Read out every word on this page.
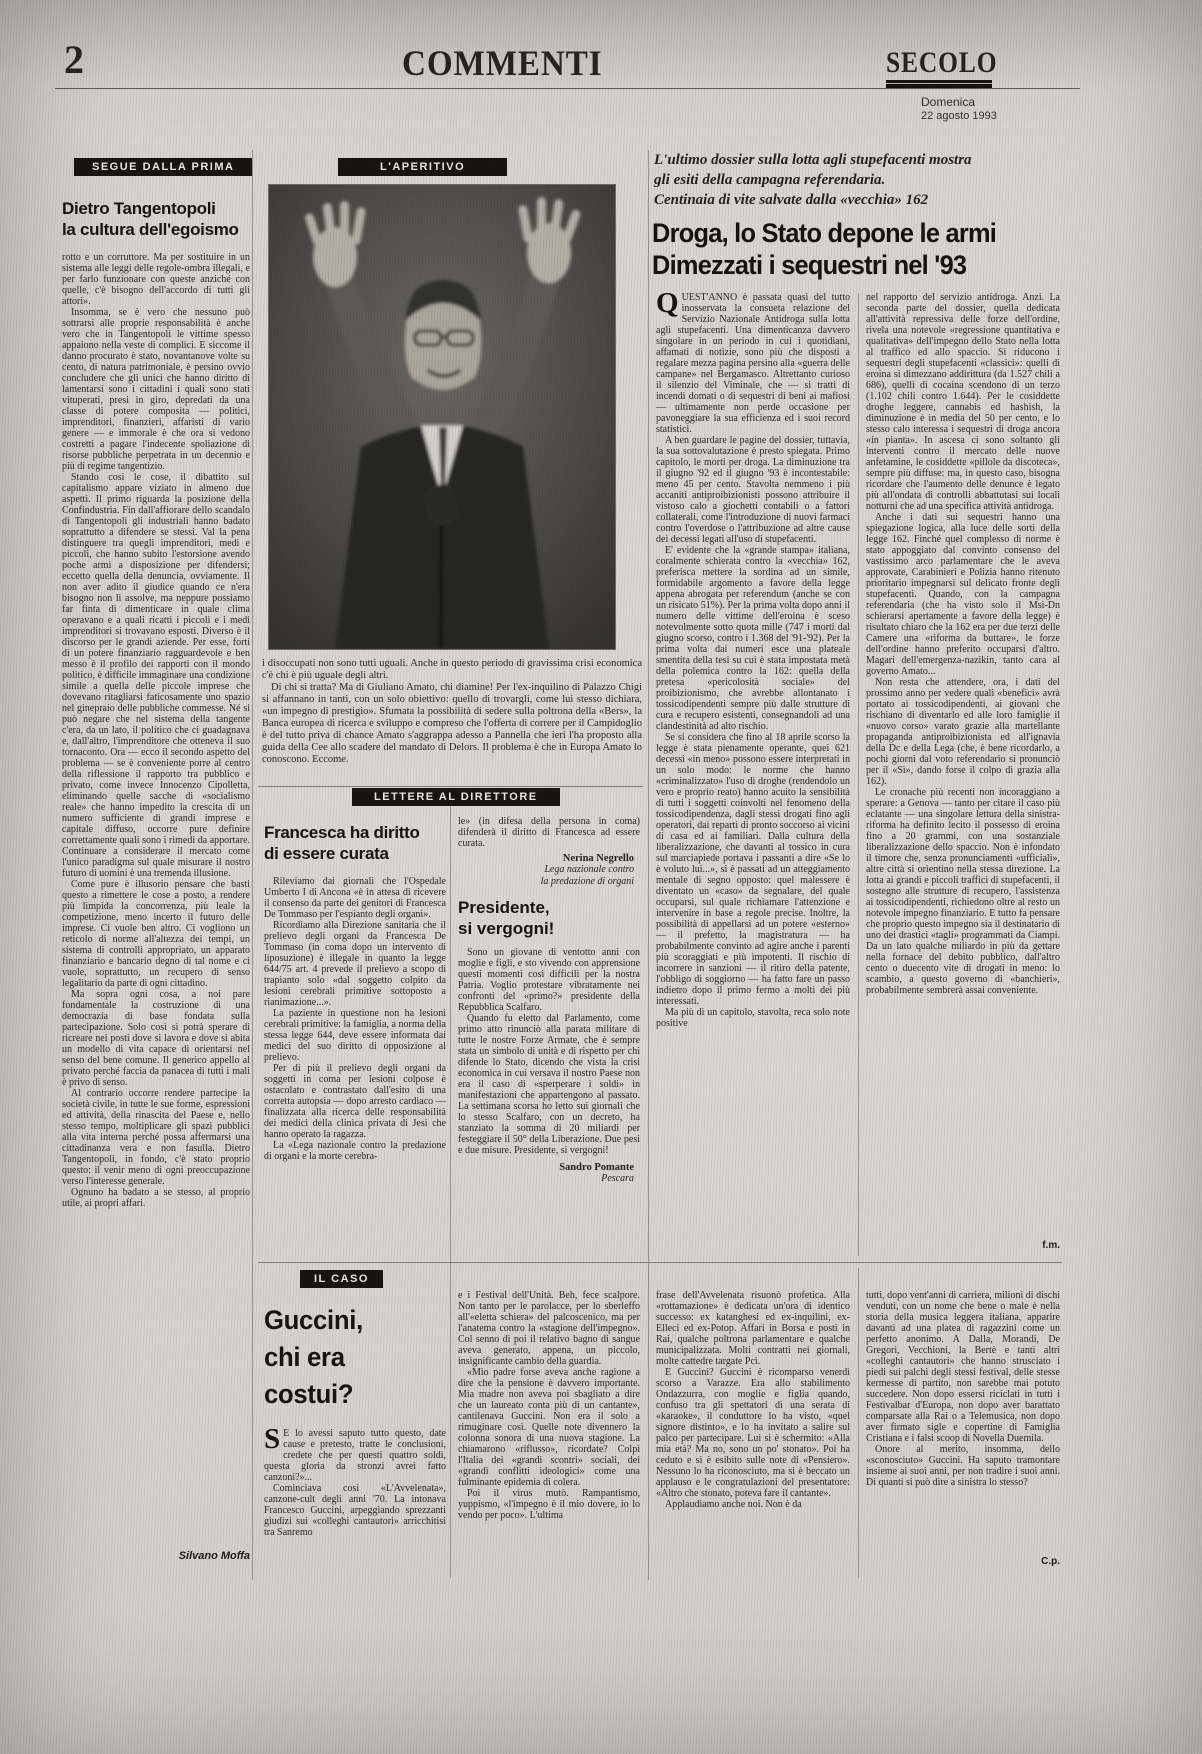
2	COMMENTI	SECOLO
Domenica
22 agosto 1993
SEGUE DALLA PRIMA
Dietro Tangentopoli
la cultura dell'egoismo

rotto e un corruttore. Ma per sostituire in un sistema alle leggi delle regole-ombra illegali, e per farlo funzionare con queste anziché con quelle, c'è bisogno dell'accordo di tutti gli attori».

Insomma, se è vero che nessuno può sottrarsi alle proprie responsabilità è anche vero che in Tangentopoli le vittime spesso appaiono nella veste di complici. E siccome il danno procurato è stato, novantanove volte su cento, di natura patrimoniale, è persino ovvio concludere che gli unici che hanno diritto di lamentarsi sono i cittadini i quali sono stati vituperati, presi in giro, depredati da una classe di potere composita — politici, imprenditori, finanzieri, affaristi di vario genere — e immorale è che ora si vedono costretti a pagare l'indecente spoliazione di risorse pubbliche perpetrata in un decennio e più di regime tangentizio.

Stando così le cose, il dibattito sul capitalismo appare viziato in almeno due aspetti. Il primo riguarda la posizione della Confindustria. Fin dall'affiorare dello scandalo di Tangentopoli gli industriali hanno badato soprattutto a difendere se stessi. Val la pena distinguere tra quegli imprenditori, medi e piccoli, che hanno subito l'estorsione avendo poche armi a disposizione per difendersi; eccetto quella della denuncia, ovviamente. Il non aver adito il giudice quando ce n'era bisogno non li assolve, ma neppure possiamo far finta di dimenticare in quale clima operavano e a quali ricatti i piccoli e i medi imprenditori si trovavano esposti. Diverso è il discorso per le grandi aziende. Per esse, forti di un potere finanziario ragguardevole e ben messo è il profilo dei rapporti con il mondo politico, è difficile immaginare una condizione simile a quella delle piccole imprese che dovevano ritagliarsi faticosamente uno spazio nel ginepraio delle pubbliche commesse. Né si può negare che nel sistema della tangente c'era, da un lato, il politico che ci guadagnava e, dall'altro, l'imprenditore che otteneva il suo tornaconto. Ora — ecco il secondo aspetto del problema — se è conveniente porre al centro della riflessione il rapporto tra pubblico e privato, come invece Innocenzo Cipolletta, eliminando quelle sacche di «socialismo reale» che hanno impedito la crescita di un numero sufficiente di grandi imprese e capitale diffuso, occorre pure definire correttamente quali sono i rimedi da apportare. Continuare a considerare il mercato come l'unico paradigma sul quale misurare il nostro futuro di uomini è una tremenda illusione.

Come pure è illusorio pensare che basti questo a rimettere le cose a posto, a rendere più limpida la concorrenza, più leale la competizione, meno incerto il futuro delle imprese. Ci vuole ben altro. Ci vogliono un reticolo di norme all'altezza dei tempi, un sistema di controlli appropriato, un apparato finanziario e bancario degno di tal nome e ci vuole, soprattutto, un recupero di senso legalitario da parte di ogni cittadino.

Ma sopra ogni cosa, a noi pare fondamentale la costruzione di una democrazia di base fondata sulla partecipazione. Solo così si potrà sperare di ricreare nei posti dove si lavora e dove si abita un modello di vita capace di orientarsi nel senso del bene comune. Il generico appello al privato perché faccia da panacea di tutti i mali è privo di senso.

Al contrario occorre rendere partecipe la società civile, in tutte le sue forme, espressioni ed attività, della rinascita del Paese e, nello stesso tempo, moltiplicare gli spazi pubblici alla vita interna perché possa affermarsi una cittadinanza vera e non fasulla. Dietro Tangentopoli, in fondo, c'è stato proprio questo: il venir meno di ogni preoccupazione verso l'interesse generale.

Ognuno ha badato a se stesso, al proprio utile, ai propri affari.

Silvano Moffa
L'APERITIVO

i disoccupati non sono tutti uguali. Anche in questo periodo di gravissima crisi economica c'è chi è più uguale degli altri.

Di chi si tratta? Ma di Giuliano Amato, chi diamine! Per l'ex-inquilino di Palazzo Chigi si affannano in tanti, con un solo obiettivo: quello di trovargli, come lui stesso dichiara, «un impegno di prestigio». Sfumata la possibilità di sedere sulla poltrona della «Bers», la Banca europea di ricerca e sviluppo e compreso che l'offerta di correre per il Campidoglio è del tutto priva di chance Amato s'aggrappa adesso a Pannella che ieri l'ha proposto alla guida della Cee allo scadere del mandato di Delors. Il problema è che in Europa Amato lo conoscono. Eccome.

L'ultimo dossier sulla lotta agli stupefacenti mostra
gli esiti della campagna referendaria.
Centinaia di vite salvate dalla «vecchia» 162
Droga, lo Stato depone le armi
Dimezzati i sequestri nel '93

QUEST'ANNO è passata quasi del tutto inosservata la consueta relazione del Servizio Nazionale Antidroga sulla lotta agli stupefacenti. Una dimenticanza davvero singolare in un periodo in cui i quotidiani, affamati di notizie, sono più che disposti a regalare mezza pagina persino alla «guerra delle campane» nel Bergamasco. Altrettanto curioso il silenzio del Viminale, che — si tratti di incendi domati o di sequestri di beni ai mafiosi — ultimamente non perde occasione per pavoneggiare la sua efficienza ed i suoi record statistici.

A ben guardare le pagine del dossier, tuttavia, la sua sottovalutazione è presto spiegata. Primo capitolo, le morti per droga. La diminuzione tra il giugno '92 ed il giugno '93 è incontestabile: meno 45 per cento. Stavolta nemmeno i più accaniti antiproibizionisti possono attribuire il vistoso calo a giochetti contabili o a fattori collaterali, come l'introduzione di nuovi farmaci contro l'overdose o l'attribuzione ad altre cause dei decessi legati all'uso di stupefacenti.

E' evidente che la «grande stampa» italiana, coralmente schierata contro la «vecchia» 162, preferisca mettere la sordina ad un simile, formidabile argomento a favore della legge appena abrogata per referendum (anche se con un risicato 51%). Per la prima volta dopo anni il numero delle vittime dell'eroina è sceso notevolmente sotto quota mille (747 i morti dal giugno scorso, contro i 1.368 del '91-'92). Per la prima volta dai numeri esce una plateale smentita della tesi su cui è stata impostata metà della polemica contro la 162: quella della pretesa «pericolosità sociale» del proibizionismo, che avrebbe allontanato i tossicodipendenti sempre più dalle strutture di cura e recupero esistenti, consegnandoli ad una clandestinità ad alto rischio.

Se si considera che fino al 18 aprile scorso la legge è stata pienamente operante, quei 621 decessi «in meno» possono essere interpretati in un solo modo: le norme che hanno «criminalizzato» l'uso di droghe (rendendolo un vero e proprio reato) hanno acuito la sensibilità di tutti i soggetti coinvolti nel fenomeno della tossicodipendenza, dagli stessi drogati fino agli operatori, dai reparti di pronto soccorso ai vicini di casa ed ai familiari. Dalla cultura della liberalizzazione, che davanti al tossico in cura sul marciapiede portava i passanti a dire «Se lo è voluto lui...», si è passati ad un atteggiamento mentale di segno opposto: quel malessere è diventato un «caso» da segnalare, del quale occuparsi, sul quale richiamare l'attenzione e intervenire in base a regole precise. Inoltre, la possibilità di appellarsi ad un potere «esterno» — il prefetto, la magistratura — ha probabilmente convinto ad agire anche i parenti più scoraggiati e più impotenti. Il rischio di incorrere in sanzioni — il ritiro della patente, l'obbligo di soggiorno — ha fatto fare un passo indietro dopo il primo fermo a molti dei più interessati.

Ma più di un capitolo, stavolta, reca solo note positive

nel rapporto del servizio antidroga. Anzi. La seconda parte del dossier, quella dedicata all'attività repressiva delle forze dell'ordine, rivela una notevole «regressione quantitativa e qualitativa» dell'impegno dello Stato nella lotta al traffico ed allo spaccio. Si riducono i sequestri degli stupefacenti «classici»: quelli di eroina si dimezzano addirittura (da 1.527 chili a 686), quelli di cocaina scendono di un terzo (1.102 chili contro 1.644). Per le cosiddette droghe leggere, cannabis ed hashish, la diminuzione è in media del 50 per cento, e lo stesso calo interessa i sequestri di droga ancora «in pianta». In ascesa ci sono soltanto gli interventi contro il mercato delle nuove anfetamine, le cosiddette «pillole da discoteca», sempre più diffuse: ma, in questo caso, bisogna ricordare che l'aumento delle denunce è legato più all'ondata di controlli abbattutasi sui locali notturni che ad una specifica attività antidroga.

Anche i dati sui sequestri hanno una spiegazione logica, alla luce delle sorti della legge 162. Finché quel complesso di norme è stato appoggiato dal convinto consenso del vastissimo arco parlamentare che le aveva approvate, Carabinieri e Polizia hanno ritenuto prioritario impegnarsi sul delicato fronte degli stupefacenti. Quando, con la campagna referendaria (che ha visto solo il Msi-Dn schierarsi apertamente a favore della legge) è risultato chiaro che la 162 era per due terzi delle Camere una «riforma da buttare», le forze dell'ordine hanno preferito occuparsi d'altro. Magari dell'emergenza-nazikin, tanto cara al governo Amato...

Non resta che attendere, ora, i dati del prossimo anno per vedere quali «benefici» avrà portato ai tossicodipendenti, ai giovani che rischiano di diventarlo ed alle loro famiglie il «nuovo corso» varato grazie alla martellante propaganda antiproibizionista ed all'ignavia della Dc e della Lega (che, è bene ricordarlo, a pochi giorni dal voto referendario si pronunciò per il «Sì», dando forse il colpo di grazia alla 162).

Le cronache più recenti non incoraggiano a sperare: a Genova — tanto per citare il caso più eclatante — una singolare lettura della sinistra-riforma ha definito lecito il possesso di eroina fino a 20 grammi, con una sostanziale liberalizzazione dello spaccio. Non è infondato il timore che, senza pronunciamenti «ufficiali», altre città si orientino nella stessa direzione. La lotta ai grandi e piccoli traffici di stupefacenti, il sostegno alle strutture di recupero, l'assistenza ai tossicodipendenti, richiedono oltre al resto un notevole impegno finanziario. E tutto fa pensare che proprio questo impegno sia il destinatario di uno dei drastici «tagli» programmati da Ciampi. Da un lato qualche miliardo in più da gettare nella fornace del debito pubblico, dall'altro cento o duecento vite di drogati in meno: lo scambio, a questo governo di «banchieri», probabilmente sembrerà assai conveniente.

f.m.
LETTERE AL DIRETTORE
Francesca ha diritto
di essere curata

Rileviamo dai giornali che l'Ospedale Umberto I di Ancona «è in attesa di ricevere il consenso da parte dei genitori di Francesca De Tommaso per l'espianto degli organi».

Ricordiamo alla Direzione sanitaria che il prelievo degli organi da Francesca De Tommaso (in coma dopo un intervento di liposuzione) è illegale in quanto la legge 644/75 art. 4 prevede il prelievo a scopo di trapianto solo «dal soggetto colpito da lesioni cerebrali primitive sottoposto a rianimazione...».

La paziente in questione non ha lesioni cerebrali primitive: la famiglia, a norma della stessa legge 644, deve essere informata dai medici del suo diritto di opposizione al prelievo.

Per di più il prelievo degli organi da soggetti in coma per lesioni colpose è ostacolato e contrastato dall'esito di una corretta autopsia — dopo arresto cardiaco — finalizzata alla ricerca delle responsabilità dei medici della clinica privata di Jesi che hanno operato la ragazza.

La «Lega nazionale contro la predazione di organi e la morte cerebra-

le» (in difesa della persona in coma) difenderà il diritto di Francesca ad essere curata.

Nerina Negrello
Lega nazionale contro
la predazione di organi
Presidente,
si vergogni!

Sono un giovane di ventotto anni con moglie e figli, e sto vivendo con apprensione questi momenti così difficili per la nostra Patria. Voglio protestare vibratamente nei confronti del «primo?» presidente della Repubblica Scalfaro.

Quando fu eletto dal Parlamento, come primo atto rinunciò alla parata militare di tutte le nostre Forze Armate, che è sempre stata un simbolo di unità e di rispetto per chi difende lo Stato, dicendo che vista la crisi economica in cui versava il nostro Paese non era il caso di «sperperare i soldi» in manifestazioni che appartengono al passato. La settimana scorsa ho letto sui giornali che lo stesso Scalfaro, con un decreto, ha stanziato la somma di 20 miliardi per festeggiare il 50° della Liberazione. Due pesi e due misure. Presidente, si vergogni!

Sandro Pomante
Pescara
IL CASO
Guccini,
chi era
costui?

S E lo avessi saputo tutto questo, date cause e pretesto, tratte le conclusioni, credete che per questi quattro soldi, questa gloria da stronzi avrei fatto canzoni?»...

Cominciava così «L'Avvelenata», canzone-cult degli anni '70. La intonava Francesco Guccini, arpeggiando sprezzanti giudizi sui «colleghi cantautori» arricchitisi tra Sanremo

e i Festival dell'Unità. Beh, fece scalpore. Non tanto per le parolacce, per lo sberleffo all'«eletta schiera» del palcoscenico, ma per l'anatema contro la «stagione dell'impegno». Col senno di poi il relativo bagno di sangue aveva generato, appena, un piccolo, insignificante cambio della guardia.

«Mio padre forse aveva anche ragione a dire che la pensione è davvero importante. Mia madre non aveva poi sbagliato a dire che un laureato conta più di un cantante», cantilenava Guccini. Non era il solo a rimuginare così. Quelle note divennero la colonna sonora di una nuova stagione. La chiamarono «riflusso», ricordate? Colpì l'Italia dei «grandi scontri» sociali, dei «grandi conflitti ideologici» come una fulminante epidemia di colera.

Poi il virus mutò. Rampantismo, yuppismo, «l'impegno è il mio dovere, io lo vendo per poco». L'ultima

frase dell'Avvelenata risuonò profetica. Alla «rottamazione» è dedicata un'ora di identico successo: ex katanghesi ed ex-inquilini, ex-Elleci ed ex-Potop. Affari in Borsa e posti in Rai, qualche poltrona parlamentare e qualche municipalizzata. Molti contratti nei giornali, molte cattedre targate Pci.

E Guccini? Guccini è ricomparso venerdì scorso a Varazze. Era allo stabilimento Ondazzurra, con moglie e figlia quando, confuso tra gli spettatori di una serata di «karaoke», il conduttore lo ha visto, «quel signore distinto», e lo ha invitato a salire sul palco per partecipare. Lui si è schermito: «Alla mia età? Ma no, sono un po' stonato». Poi ha ceduto e si è esibito sulle note di «Pensiero». Nessuno lo ha riconosciuto, ma si è beccato un applauso e le congratulazioni del presentatore: «Altro che stonato, poteva fare il cantante».

Applaudiamo anche noi. Non è da

tutti, dopo vent'anni di carriera, milioni di dischi venduti, con un nome che bene o male è nella storia della musica leggera italiana, apparire davanti ad una platea di ragazzini come un perfetto anonimo. A Dalla, Morandi, De Gregori, Vecchioni, la Bertè e tanti altri «colleghi cantautori» che hanno strusciato i piedi sui palchi degli stessi festival, delle stesse kermesse di partito, non sarebbe mai potuto succedere. Non dopo essersi riciclati in tutti i Festivalbar d'Europa, non dopo aver barattato comparsate alla Rai o a Telemusica, non dopo aver firmato sigle e copertine di Famiglia Cristiana e i falsi scoop di Novella Duemila.

Onore al merito, insomma, dello «sconosciuto» Guccini. Ha saputo tramontare insieme ai suoi anni, per non tradire i suoi anni. Di quanti si può dire a sinistra lo stesso?

C.p.
